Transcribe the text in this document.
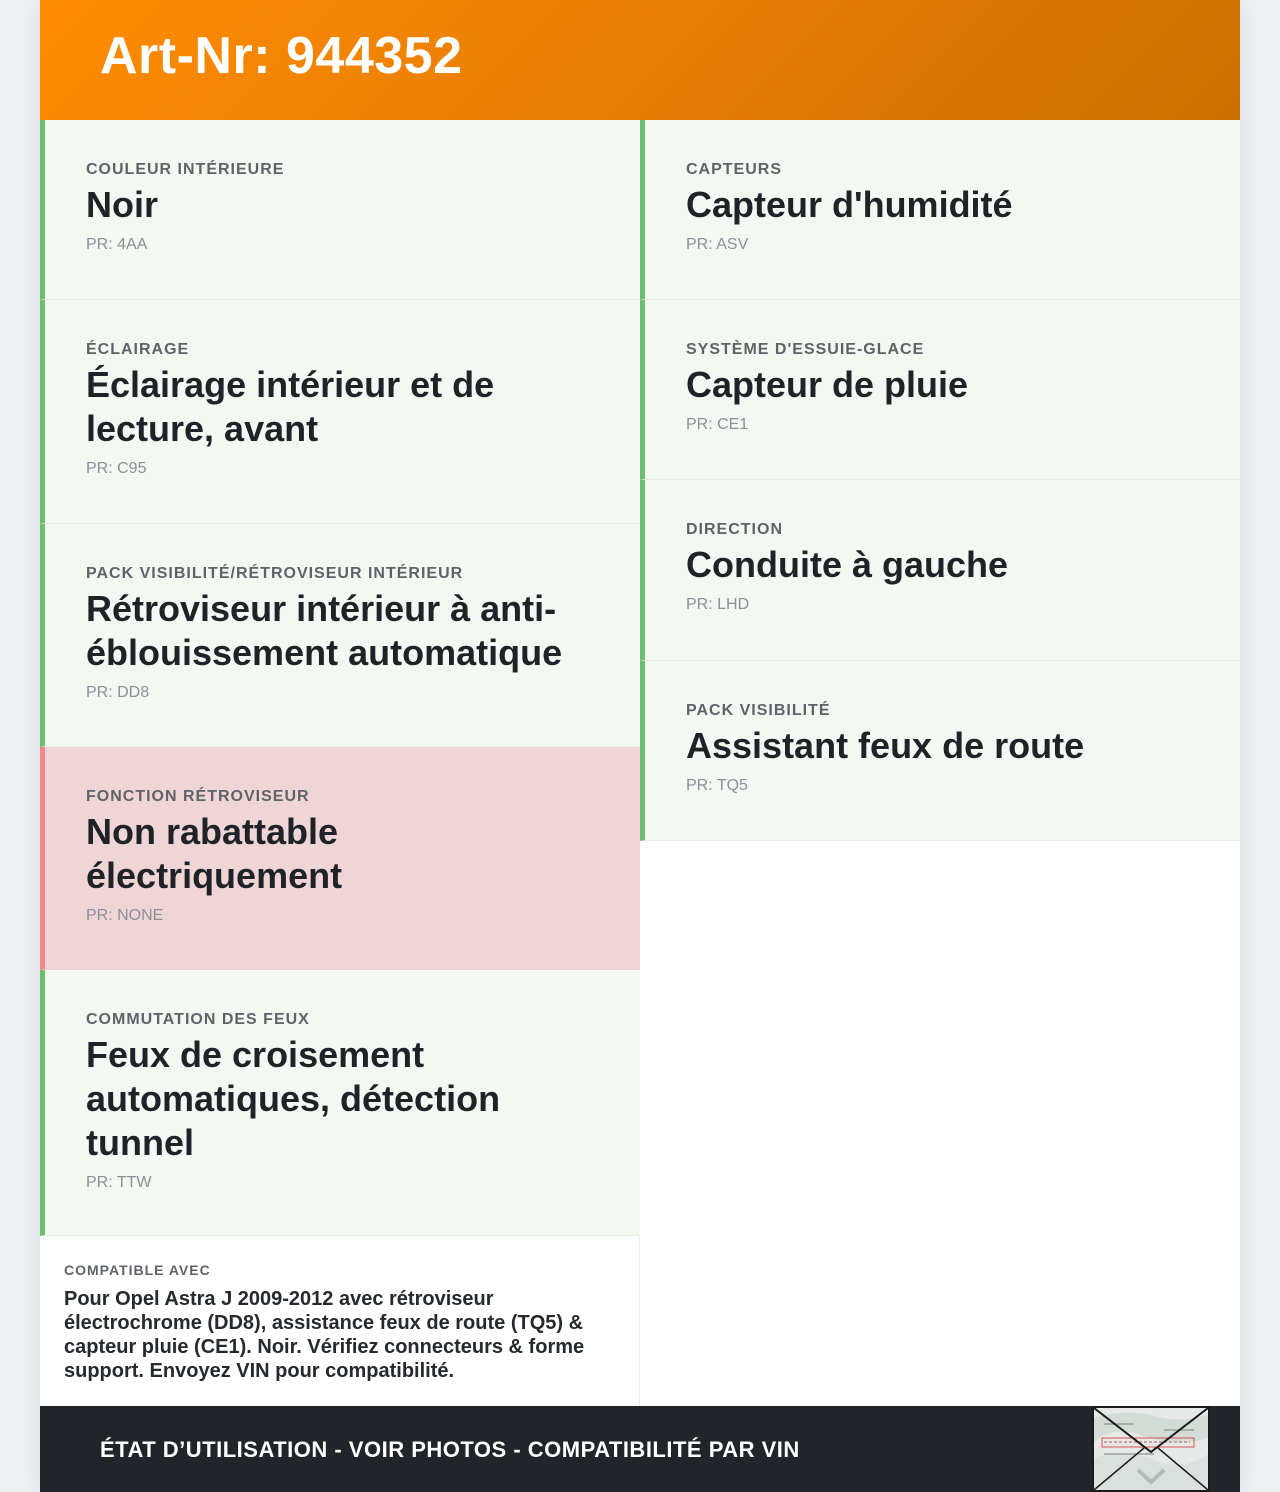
Art-Nr: 944352
COULEUR INTÉRIEURE
Noir
PR: 4AA
ÉCLAIRAGE
Éclairage intérieur et de lecture, avant
PR: C95
PACK VISIBILITÉ/RÉTROVISEUR INTÉRIEUR
Rétroviseur intérieur à anti-éblouissement automatique
PR: DD8
FONCTION RÉTROVISEUR
Non rabattable électriquement
PR: NONE
COMMUTATION DES FEUX
Feux de croisement automatiques, détection tunnel
PR: TTW
CAPTEURS
Capteur d'humidité
PR: ASV
SYSTÈME D'ESSUIE-GLACE
Capteur de pluie
PR: CE1
DIRECTION
Conduite à gauche
PR: LHD
PACK VISIBILITÉ
Assistant feux de route
PR: TQ5
COMPATIBLE AVEC
Pour Opel Astra J 2009-2012 avec rétroviseur électrochrome (DD8), assistance feux de route (TQ5) & capteur pluie (CE1). Noir. Vérifiez connecteurs & forme support. Envoyez VIN pour compatibilité.
ÉTAT D’UTILISATION - VOIR PHOTOS - COMPATIBILITÉ PAR VIN
